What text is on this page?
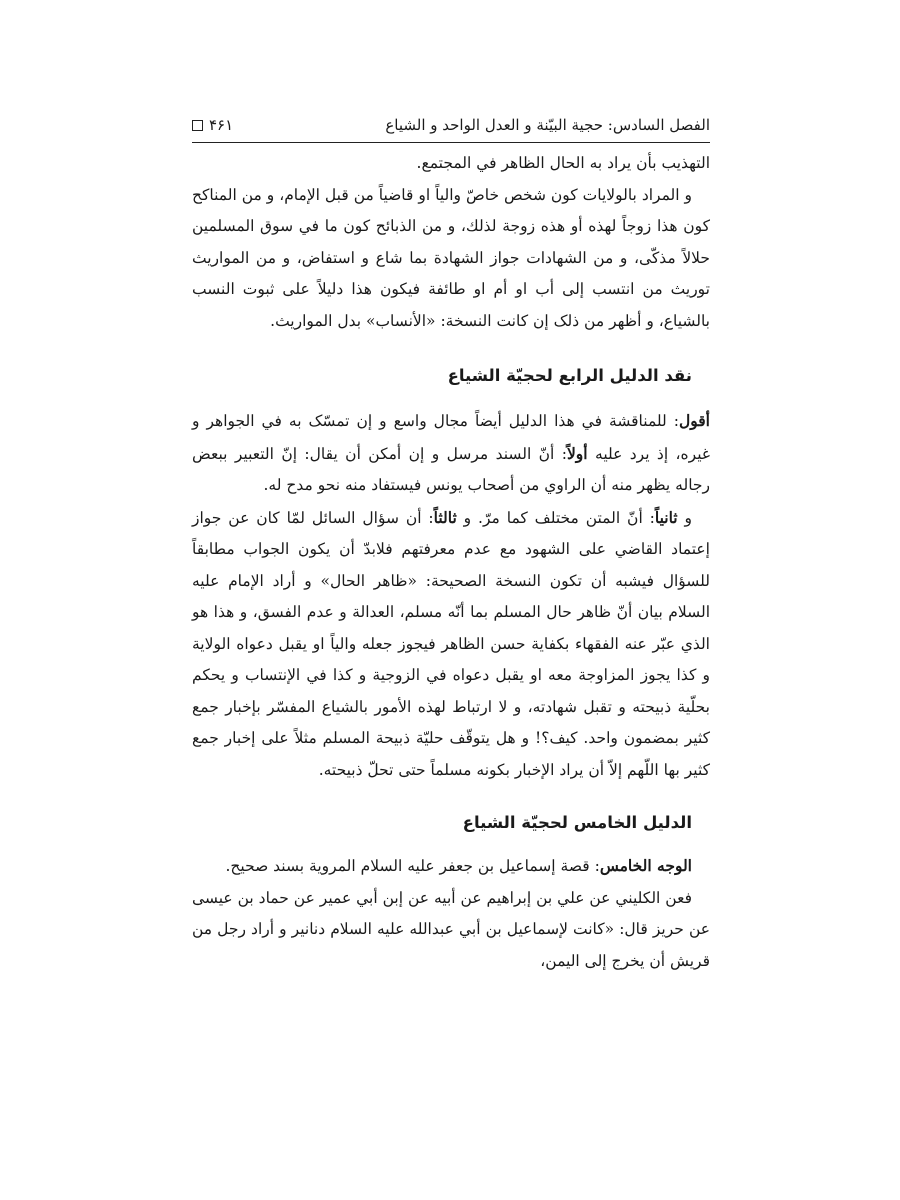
الفصل السادس: حجية البيّنة و العدل الواحد و الشياع
۴۶۱

التهذيب بأن يراد به الحال الظاهر في المجتمع.

و المراد بالولايات كون شخص خاصّ والياً او قاضياً من قبل الإمام، و من المناكح كون هذا زوجاً لهذه أو هذه زوجة لذلك، و من الذبائح كون ما في سوق المسلمين حلالاً مذكّى، و من الشهادات جواز الشهادة بما شاع و استفاض، و من المواريث توريث من انتسب إلى أب او أم او طائفة فيكون هذا دليلاً على ثبوت النسب بالشياع، و أظهر من ذلک إن كانت النسخة: «الأنساب» بدل المواريث.

نقد الدليل الرابع لحجيّة الشياع

أقول: للمناقشة في هذا الدليل أيضاً مجال واسع و إن تمسّک به في الجواهر و غيره، إذ يرد عليه أولاً: أنّ السند مرسل و إن أمكن أن يقال: إنّ التعبير ببعض رجاله يظهر منه أن الراوي من أصحاب يونس فيستفاد منه نحو مدح له.

و ثانياً: أنّ المتن مختلف كما مرّ. و ثالثاً: أن سؤال السائل لمّا كان عن جواز إعتماد القاضي على الشهود مع عدم معرفتهم فلابدّ أن يكون الجواب مطابقاً للسؤال فيشبه أن تكون النسخة الصحيحة: «ظاهر الحال» و أراد الإمام عليه السلام بيان أنّ ظاهر حال المسلم بما أنّه مسلم، العدالة و عدم الفسق، و هذا هو الذي عبّر عنه الفقهاء بكفاية حسن الظاهر فيجوز جعله والياً او يقبل دعواه الولاية و كذا يجوز المزاوجة معه او يقبل دعواه في الزوجية و كذا في الإنتساب و يحكم بحلّية ذبيحته و تقبل شهادته، و لا ارتباط لهذه الأمور بالشياع المفسّر بإخبار جمع كثير بمضمون واحد. كيف؟! و هل يتوقّف حليّة ذبيحة المسلم مثلاً على إخبار جمع كثير بها اللّهم إلاّ أن يراد الإخبار بكونه مسلماً حتى تحلّ ذبيحته.

الدليل الخامس لحجيّة الشياع

الوجه الخامس: قصة إسماعيل بن جعفر عليه السلام المروية بسند صحيح.

فعن الكليني عن علي بن إبراهيم عن أبيه عن إبن أبي عمير عن حماد بن عيسى عن حريز قال: «كانت لإسماعيل بن أبي عبدالله عليه السلام دنانير و أراد رجل من قريش أن يخرج إلى اليمن،
